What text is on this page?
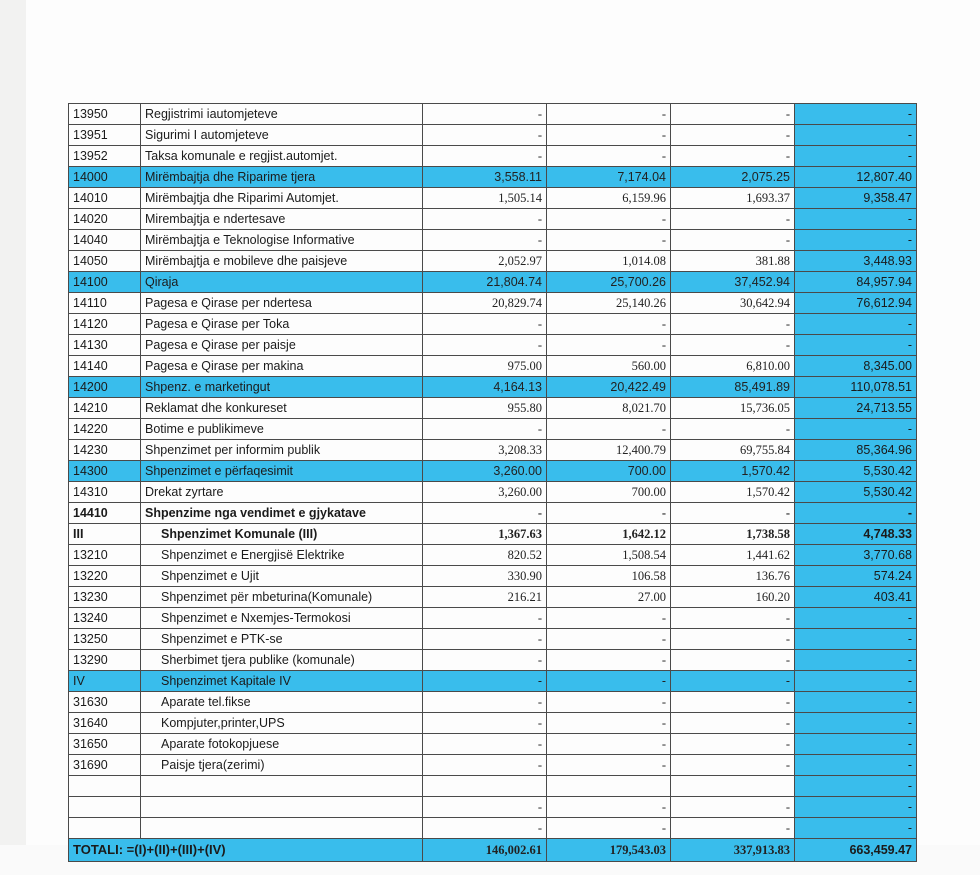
13950	Regjistrimi iautomjeteve	-	-	-	-
13951	Sigurimi I automjeteve	-	-	-	-
13952	Taksa komunale e regjist.automjet.	-	-	-	-
14000	Mirëmbajtja dhe Riparime tjera	3,558.11	7,174.04	2,075.25	12,807.40
14010	Mirëmbajtja dhe Riparimi Automjet.	1,505.14	6,159.96	1,693.37	9,358.47
14020	Mirembajtja e ndertesave	-	-	-	-
14040	Mirëmbajtja e Teknologise Informative	-	-	-	-
14050	Mirëmbajtja e mobileve dhe paisjeve	2,052.97	1,014.08	381.88	3,448.93
14100	Qiraja	21,804.74	25,700.26	37,452.94	84,957.94
14110	Pagesa e Qirase per ndertesa	20,829.74	25,140.26	30,642.94	76,612.94
14120	Pagesa e Qirase per Toka	-	-	-	-
14130	Pagesa e Qirase per paisje	-	-	-	-
14140	Pagesa e Qirase per makina	975.00	560.00	6,810.00	8,345.00
14200	Shpenz. e marketingut	4,164.13	20,422.49	85,491.89	110,078.51
14210	Reklamat dhe konkureset	955.80	8,021.70	15,736.05	24,713.55
14220	Botime e publikimeve	-	-	-	-
14230	Shpenzimet per informim publik	3,208.33	12,400.79	69,755.84	85,364.96
14300	Shpenzimet e përfaqesimit	3,260.00	700.00	1,570.42	5,530.42
14310	Drekat zyrtare	3,260.00	700.00	1,570.42	5,530.42
14410	Shpenzime nga vendimet e gjykatave	-	-	-	-
III	Shpenzimet Komunale (III)	1,367.63	1,642.12	1,738.58	4,748.33
13210	Shpenzimet e Energjisë Elektrike	820.52	1,508.54	1,441.62	3,770.68
13220	Shpenzimet e Ujit	330.90	106.58	136.76	574.24
13230	Shpenzimet për mbeturina(Komunale)	216.21	27.00	160.20	403.41
13240	Shpenzimet e Nxemjes-Termokosi	-	-	-	-
13250	Shpenzimet e PTK-se	-	-	-	-
13290	Sherbimet tjera publike (komunale)	-	-	-	-
IV	Shpenzimet Kapitale IV	-	-	-	-
31630	Aparate tel.fikse	-	-	-	-
31640	Kompjuter,printer,UPS	-	-	-	-
31650	Aparate fotokopjuese	-	-	-	-
31690	Paisje tjera(zerimi)	-	-	-	-
					-
		-	-	-	-
		-	-	-	-
TOTALI: =(I)+(II)+(III)+(IV)		146,002.61	179,543.03	337,913.83	663,459.47
